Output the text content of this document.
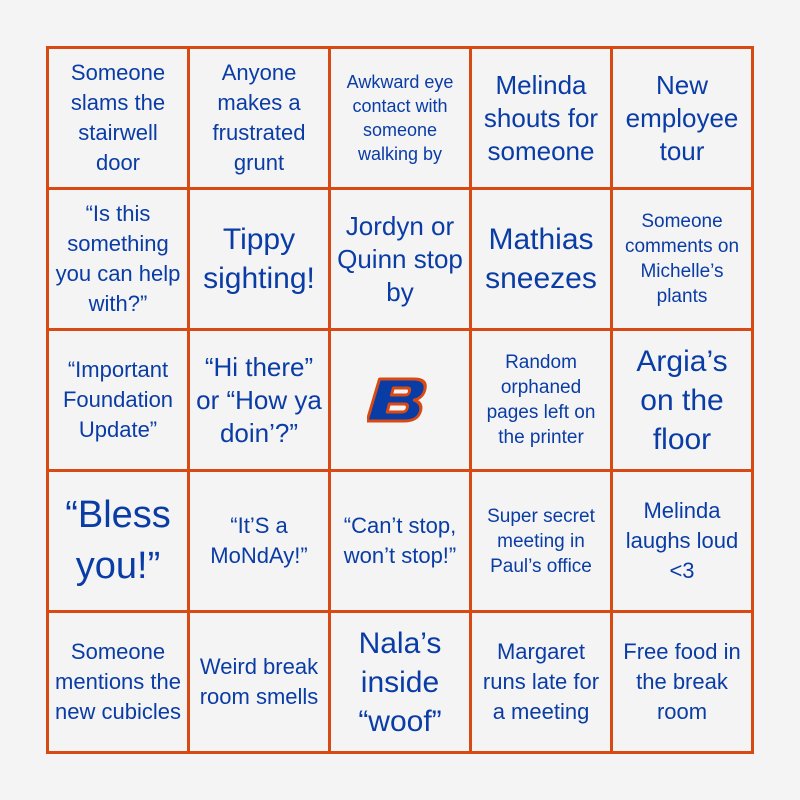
Someone slams the stairwell door
Anyone makes a frustrated grunt
Awkward eye contact with someone walking by
Melinda shouts for someone
New employee tour
“Is this something you can help with?”
Tippy sighting!
Jordyn or Quinn stop by
Mathias sneezes
Someone comments on Michelle’s plants
“Important Foundation Update”
“Hi there” or “How ya doin’?”
Random orphaned pages left on the printer
Argia’s on the floor
“Bless you!”
“It’S a MoNdAy!”
“Can’t stop, won’t stop!”
Super secret meeting in Paul’s office
Melinda laughs loud <3
Someone mentions the new cubicles
Weird break room smells
Nala’s inside “woof”
Margaret runs late for a meeting
Free food in the break room
